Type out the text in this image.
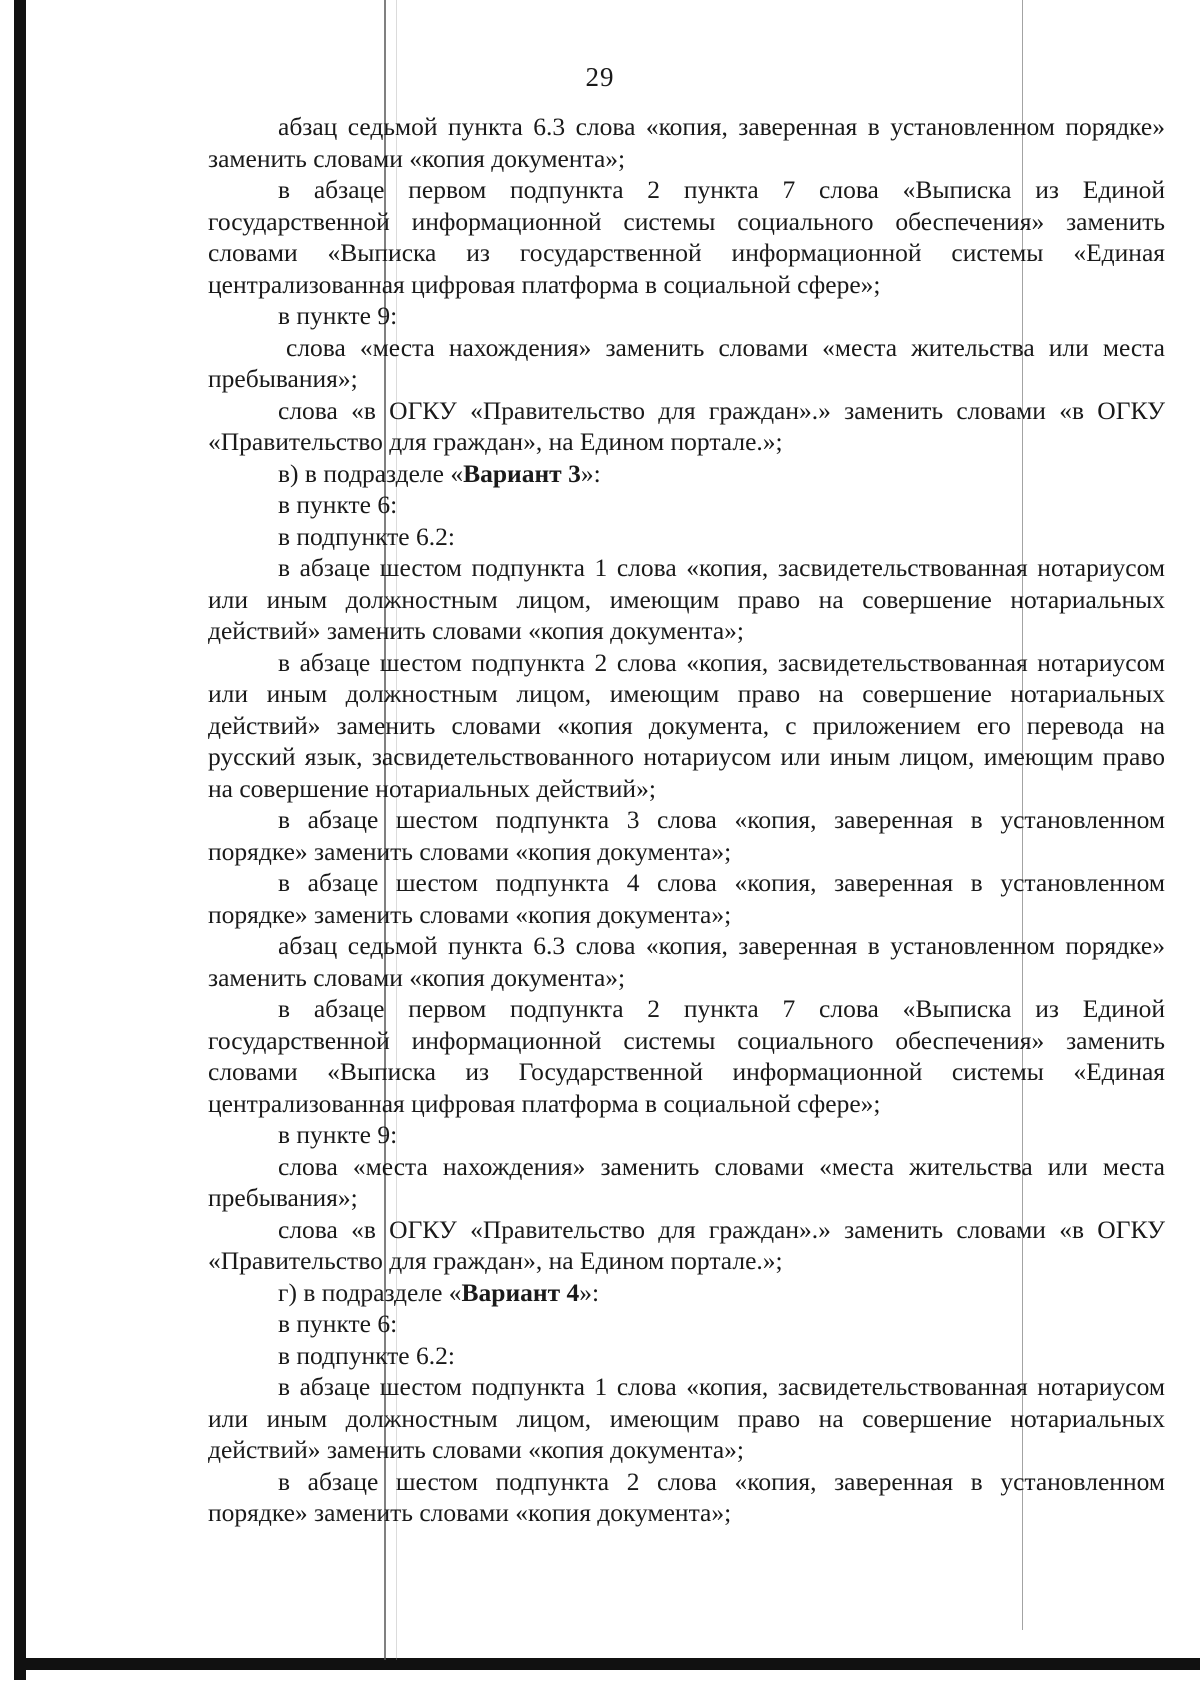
29

абзац седьмой пункта 6.3 слова «копия, заверенная в установленном порядке» заменить словами «копия документа»;

в абзаце первом подпункта 2 пункта 7 слова «Выписка из Единой государственной информационной системы социального обеспечения» заменить словами «Выписка из государственной информационной системы «Единая централизованная цифровая платформа в социальной сфере»;

в пункте 9:

слова «места нахождения» заменить словами «места жительства или места пребывания»;

слова «в ОГКУ «Правительство для граждан».» заменить словами «в ОГКУ «Правительство для граждан», на Едином портале.»;

в) в подразделе «Вариант 3»:

в пункте 6:

в подпункте 6.2:

в абзаце шестом подпункта 1 слова «копия, засвидетельствованная нотариусом или иным должностным лицом, имеющим право на совершение нотариальных действий» заменить словами «копия документа»;

в абзаце шестом подпункта 2 слова «копия, засвидетельствованная нотариусом или иным должностным лицом, имеющим право на совершение нотариальных действий» заменить словами «копия документа, с приложением его перевода на русский язык, засвидетельствованного нотариусом или иным лицом, имеющим право на совершение нотариальных действий»;

в абзаце шестом подпункта 3 слова «копия, заверенная в установленном порядке» заменить словами «копия документа»;

в абзаце шестом подпункта 4 слова «копия, заверенная в установленном порядке» заменить словами «копия документа»;

абзац седьмой пункта 6.3 слова «копия, заверенная в установленном порядке» заменить словами «копия документа»;

в абзаце первом подпункта 2 пункта 7 слова «Выписка из Единой государственной информационной системы социального обеспечения» заменить словами «Выписка из Государственной информационной системы «Единая централизованная цифровая платформа в социальной сфере»;

в пункте 9:

слова «места нахождения» заменить словами «места жительства или места пребывания»;

слова «в ОГКУ «Правительство для граждан».» заменить словами «в ОГКУ «Правительство для граждан», на Едином портале.»;

г) в подразделе «Вариант 4»:

в пункте 6:

в подпункте 6.2:

в абзаце шестом подпункта 1 слова «копия, засвидетельствованная нотариусом или иным должностным лицом, имеющим право на совершение нотариальных действий» заменить словами «копия документа»;

в абзаце шестом подпункта 2 слова «копия, заверенная в установленном порядке» заменить словами «копия документа»;
